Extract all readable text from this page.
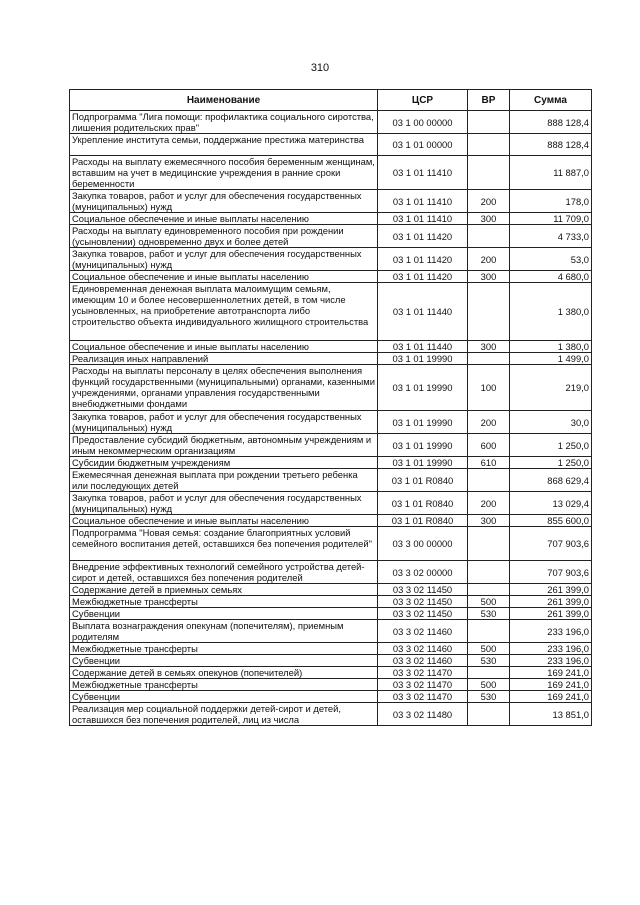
310
Наименование	ЦСР	ВР	Сумма
Подпрограмма "Лига помощи: профилактика социального сиротства, лишения родительских прав"	03 1 00 00000		888 128,4
Укрепление института семьи, поддержание престижа материнства	03 1 01 00000		888 128,4
Расходы на выплату ежемесячного пособия беременным женщинам, вставшим на учет в медицинские учреждения в ранние сроки беременности	03 1 01 11410		11 887,0
Закупка товаров, работ и услуг для обеспечения государственных (муниципальных) нужд	03 1 01 11410	200	178,0
Социальное обеспечение и иные выплаты населению	03 1 01 11410	300	11 709,0
Расходы на выплату единовременного пособия при рождении (усыновлении) одновременно двух и более детей	03 1 01 11420		4 733,0
Закупка товаров, работ и услуг для обеспечения государственных (муниципальных) нужд	03 1 01 11420	200	53,0
Социальное обеспечение и иные выплаты населению	03 1 01 11420	300	4 680,0
Единовременная денежная выплата малоимущим семьям, имеющим 10 и более несовершеннолетних детей, в том числе усыновленных, на приобретение автотранспорта либо строительство объекта индивидуального жилищного строительства	03 1 01 11440		1 380,0
Социальное обеспечение и иные выплаты населению	03 1 01 11440	300	1 380,0
Реализация иных направлений	03 1 01 19990		1 499,0
Расходы на выплаты персоналу в целях обеспечения выполнения функций государственными (муниципальными) органами, казенными учреждениями, органами управления государственными внебюджетными фондами	03 1 01 19990	100	219,0
Закупка товаров, работ и услуг для обеспечения государственных (муниципальных) нужд	03 1 01 19990	200	30,0
Предоставление субсидий бюджетным, автономным учреждениям и иным некоммерческим организациям	03 1 01 19990	600	1 250,0
Субсидии бюджетным учреждениям	03 1 01 19990	610	1 250,0
Ежемесячная денежная выплата при рождении третьего ребенка или последующих детей	03 1 01 R0840		868 629,4
Закупка товаров, работ и услуг для обеспечения государственных (муниципальных) нужд	03 1 01 R0840	200	13 029,4
Социальное обеспечение и иные выплаты населению	03 1 01 R0840	300	855 600,0
Подпрограмма "Новая семья: создание благоприятных условий семейного воспитания детей, оставшихся без попечения родителей"	03 3 00 00000		707 903,6
Внедрение эффективных технологий семейного устройства детей-сирот и детей, оставшихся без попечения родителей	03 3 02 00000		707 903,6
Содержание детей в приемных семьях	03 3 02 11450		261 399,0
Межбюджетные трансферты	03 3 02 11450	500	261 399,0
Субвенции	03 3 02 11450	530	261 399,0
Выплата вознаграждения опекунам (попечителям), приемным родителям	03 3 02 11460		233 196,0
Межбюджетные трансферты	03 3 02 11460	500	233 196,0
Субвенции	03 3 02 11460	530	233 196,0
Содержание детей в семьях опекунов (попечителей)	03 3 02 11470		169 241,0
Межбюджетные трансферты	03 3 02 11470	500	169 241,0
Субвенции	03 3 02 11470	530	169 241,0
Реализация мер социальной поддержки детей-сирот и детей, оставшихся без попечения родителей, лиц из числа	03 3 02 11480		13 851,0
